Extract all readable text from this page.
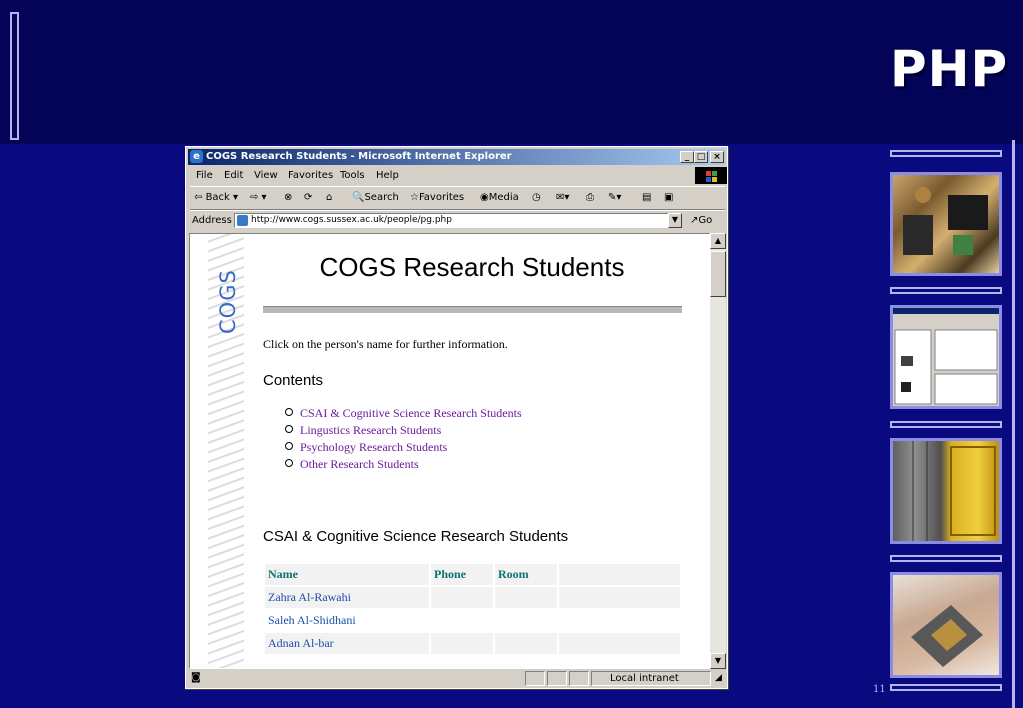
PHP
11
e COGS Research Students - Microsoft Internet Explorer	_ □ ×
File Edit View Favorites Tools Help
⇦ Back ▾ ⇨ ▾ ⊗ ⟳ ⌂ 🔍Search ☆Favorites ◉Media ◷ ✉▾ ⎙ ✎▾ ▤ ▣
Address	http://www.cogs.sussex.ac.uk/people/pg.php	▼	↗Go
COGS
COGS Research Students
Click on the person's name for further information.
Contents
CSAI & Cognitive Science Research Students
Lingustics Research Students
Psychology Research Students
Other Research Students
CSAI & Cognitive Science Research Students
Name	Phone	Room	
Zahra Al-Rawahi			
Saleh Al-Shidhani			
Adnan Al-bar			
▲
▼
◙	Local intranet	◢
